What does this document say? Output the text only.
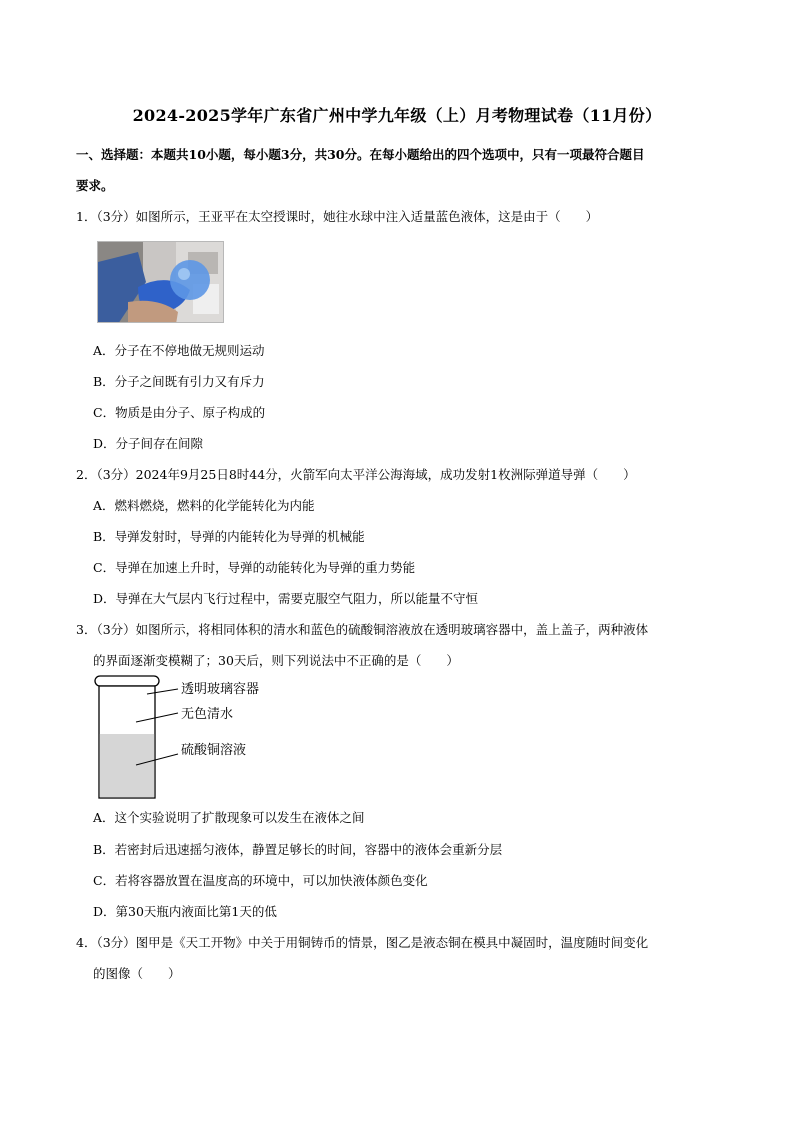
2024-2025学年广东省广州中学九年级（上）月考物理试卷（11月份）
一、选择题：本题共10小题，每小题3分，共30分。在每小题给出的四个选项中，只有一项最符合题目
要求。
1．（3分）如图所示，王亚平在太空授课时，她往水球中注入适量蓝色液体，这是由于（　　）
A．分子在不停地做无规则运动
B．分子之间既有引力又有斥力
C．物质是由分子、原子构成的
D．分子间存在间隙
2．（3分）2024年9月25日8时44分，火箭军向太平洋公海海域，成功发射1枚洲际弹道导弹（　　）
A．燃料燃烧，燃料的化学能转化为内能
B．导弹发射时，导弹的内能转化为导弹的机械能
C．导弹在加速上升时，导弹的动能转化为导弹的重力势能
D．导弹在大气层内飞行过程中，需要克服空气阻力，所以能量不守恒
3．（3分）如图所示，将相同体积的清水和蓝色的硫酸铜溶液放在透明玻璃容器中，盖上盖子，两种液体
的界面逐渐变模糊了；30天后，则下列说法中不正确的是（　　）
透明玻璃容器
无色清水
硫酸铜溶液
A．这个实验说明了扩散现象可以发生在液体之间
B．若密封后迅速摇匀液体，静置足够长的时间，容器中的液体会重新分层
C．若将容器放置在温度高的环境中，可以加快液体颜色变化
D．第30天瓶内液面比第1天的低
4．（3分）图甲是《天工开物》中关于用铜铸币的情景，图乙是液态铜在模具中凝固时，温度随时间变化
的图像（　　）
